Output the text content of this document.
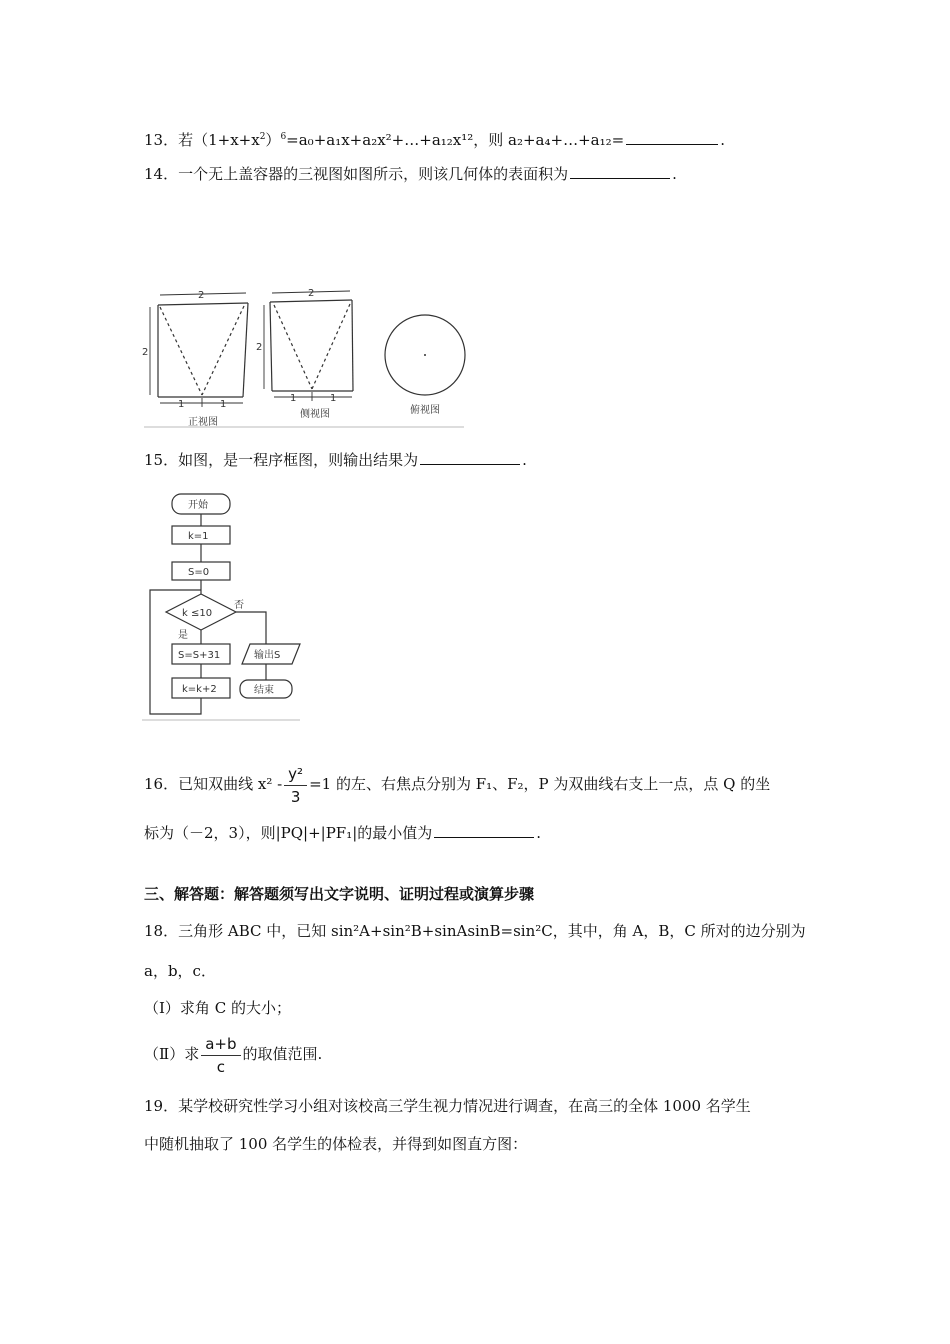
13．若$(1+x+x^2)^6=a_0+a_1x+a_2x^2+\dots+a_{12}x^{12}$，则 a₂+a₄+…+a₁₂=	.
14．一个无上盖容器的三视图如图所示，则该几何体的表面积为	.
2
2
1	1
正视图
2
2
1	1
侧视图	俯视图
15．如图，是一程序框图，则输出结果为	.
开始
k=1
S=0
k ≤10
否
是
S=S+31
k=k+2
输出S
结束
16．已知双曲线 $x^2 - \frac{\text{y²}}{3} =1$ 的左、右焦点分别为 F₁、F₂，P 为双曲线右支上一点，点 Q 的坐
标为（－2，3），则|PQ|+|PF₁|的最小值为	.
三、解答题：解答题须写出文字说明、证明过程或演算步骤
18．三角形 ABC 中，已知 sin²A+sin²B+sinAsinB=sin²C，其中，角 A，B，C 所对的边分别为
a，b，c．
（Ⅰ）求角 C 的大小；
（Ⅱ）求 $\frac{a+b}{c}$ 的取值范围.
19．某学校研究性学习小组对该校高三学生视力情况进行调查，在高三的全体 1000 名学生
中随机抽取了 100 名学生的体检表，并得到如图直方图：
